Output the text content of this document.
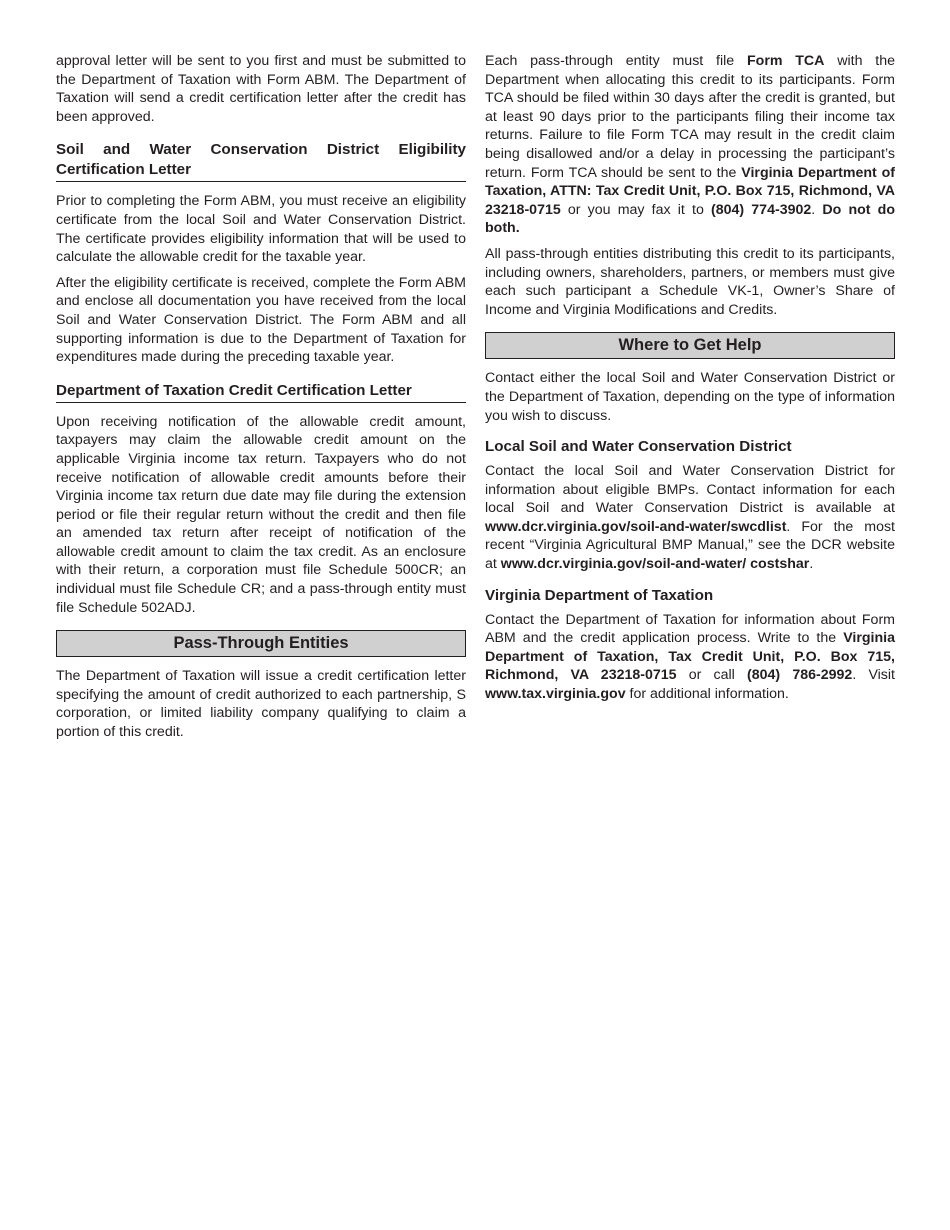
approval letter will be sent to you first and must be submitted to the Department of Taxation with Form ABM. The Department of Taxation will send a credit certification letter after the credit has been approved.

Soil and Water Conservation District Eligibility Certification Letter

Prior to completing the Form ABM, you must receive an eligibility certificate from the local Soil and Water Conservation District. The certificate provides eligibility information that will be used to calculate the allowable credit for the taxable year.

After the eligibility certificate is received, complete the Form ABM and enclose all documentation you have received from the local Soil and Water Conservation District. The Form ABM and all supporting information is due to the Department of Taxation for expenditures made during the preceding taxable year.

Department of Taxation Credit Certification Letter

Upon receiving notification of the allowable credit amount, taxpayers may claim the allowable credit amount on the applicable Virginia income tax return. Taxpayers who do not receive notification of allowable credit amounts before their Virginia income tax return due date may file during the extension period or file their regular return without the credit and then file an amended tax return after receipt of notification of the allowable credit amount to claim the tax credit. As an enclosure with their return, a corporation must file Schedule 500CR; an individual must file Schedule CR; and a pass-through entity must file Schedule 502ADJ.

Pass-Through Entities

The Department of Taxation will issue a credit certification letter specifying the amount of credit authorized to each partnership, S corporation, or limited liability company qualifying to claim a portion of this credit.

Each pass-through entity must file Form TCA with the Department when allocating this credit to its participants. Form TCA should be filed within 30 days after the credit is granted, but at least 90 days prior to the participants filing their income tax returns. Failure to file Form TCA may result in the credit claim being disallowed and/or a delay in processing the participant’s return. Form TCA should be sent to the Virginia Department of Taxation, ATTN: Tax Credit Unit, P.O. Box 715, Richmond, VA 23218-0715 or you may fax it to (804) 774-3902. Do not do both.

All pass-through entities distributing this credit to its participants, including owners, shareholders, partners, or members must give each such participant a Schedule VK-1, Owner’s Share of Income and Virginia Modifications and Credits.

Where to Get Help

Contact either the local Soil and Water Conservation District or the Department of Taxation, depending on the type of information you wish to discuss.

Local Soil and Water Conservation District

Contact the local Soil and Water Conservation District for information about eligible BMPs. Contact information for each local Soil and Water Conservation District is available at www.dcr.virginia.gov/soil-and-water/swcdlist. For the most recent “Virginia Agricultural BMP Manual,” see the DCR website at www.dcr.virginia.gov/soil-and-water/ costshar.

Virginia Department of Taxation

Contact the Department of Taxation for information about Form ABM and the credit application process. Write to the Virginia Department of Taxation, Tax Credit Unit, P.O. Box 715, Richmond, VA 23218-0715 or call (804) 786-2992. Visit www.tax.virginia.gov for additional information.
